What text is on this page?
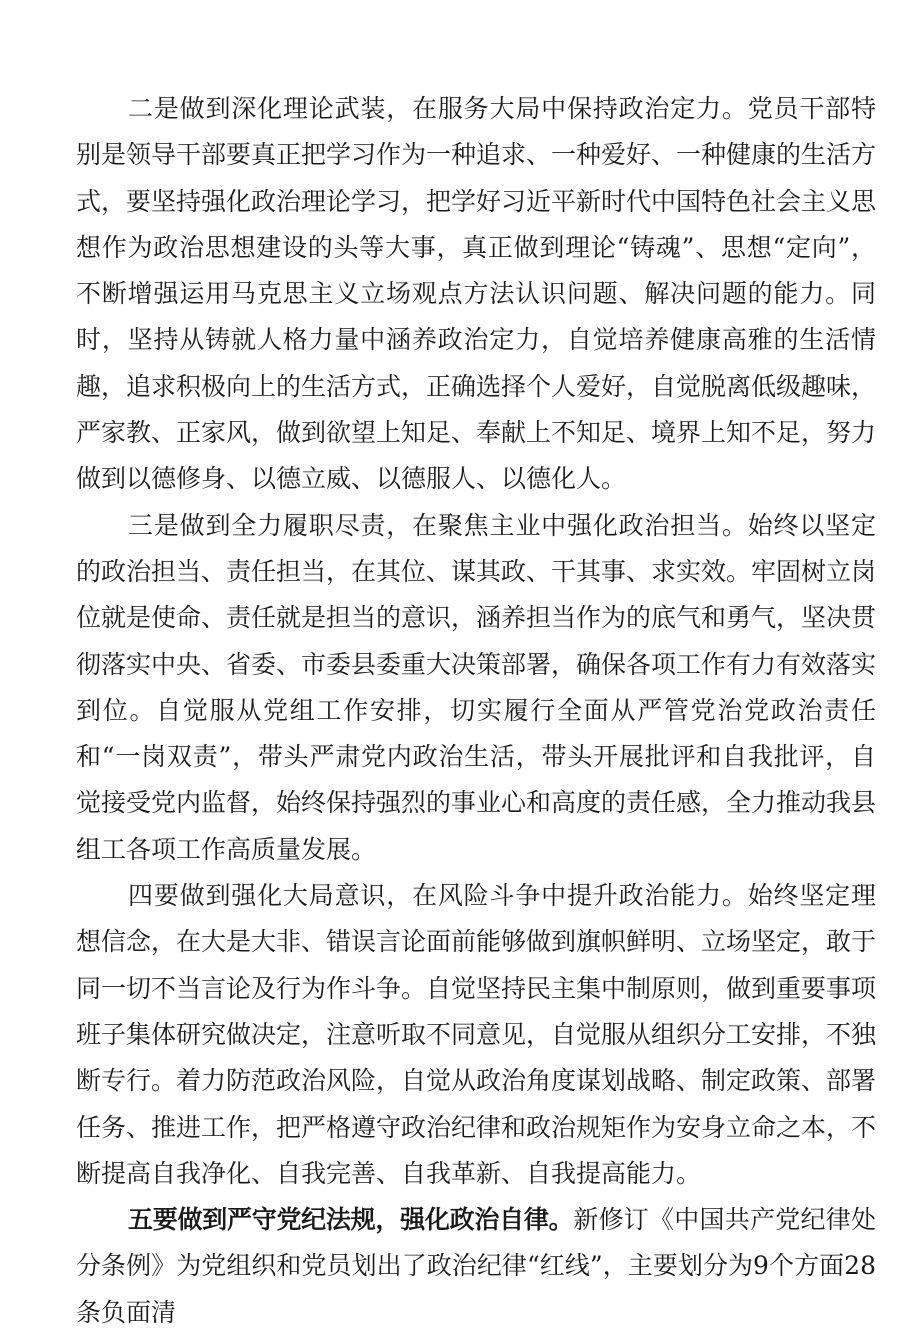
二是做到深化理论武装，在服务大局中保持政治定力。党员干部特别是领导干部要真正把学习作为一种追求、一种爱好、一种健康的生活方式，要坚持强化政治理论学习，把学好习近平新时代中国特色社会主义思想作为政治思想建设的头等大事，真正做到理论“铸魂”、思想“定向”，不断增强运用马克思主义立场观点方法认识问题、解决问题的能力。同时，坚持从铸就人格力量中涵养政治定力，自觉培养健康高雅的生活情趣，追求积极向上的生活方式，正确选择个人爱好，自觉脱离低级趣味，严家教、正家风，做到欲望上知足、奉献上不知足、境界上知不足，努力做到以德修身、以德立威、以德服人、以德化人。

三是做到全力履职尽责，在聚焦主业中强化政治担当。始终以坚定的政治担当、责任担当，在其位、谋其政、干其事、求实效。牢固树立岗位就是使命、责任就是担当的意识，涵养担当作为的底气和勇气，坚决贯彻落实中央、省委、市委县委重大决策部署，确保各项工作有力有效落实到位。自觉服从党组工作安排，切实履行全面从严管党治党政治责任和“一岗双责”，带头严肃党内政治生活，带头开展批评和自我批评，自觉接受党内监督，始终保持强烈的事业心和高度的责任感，全力推动我县组工各项工作高质量发展。

四要做到强化大局意识，在风险斗争中提升政治能力。始终坚定理想信念，在大是大非、错误言论面前能够做到旗帜鲜明、立场坚定，敢于同一切不当言论及行为作斗争。自觉坚持民主集中制原则，做到重要事项班子集体研究做决定，注意听取不同意见，自觉服从组织分工安排，不独断专行。着力防范政治风险，自觉从政治角度谋划战略、制定政策、部署任务、推进工作，把严格遵守政治纪律和政治规矩作为安身立命之本，不断提高自我净化、自我完善、自我革新、自我提高能力。

五要做到严守党纪法规，强化政治自律。新修订《中国共产党纪律处分条例》为党组织和党员划出了政治纪律“红线”，主要划分为9个方面28条负面清
